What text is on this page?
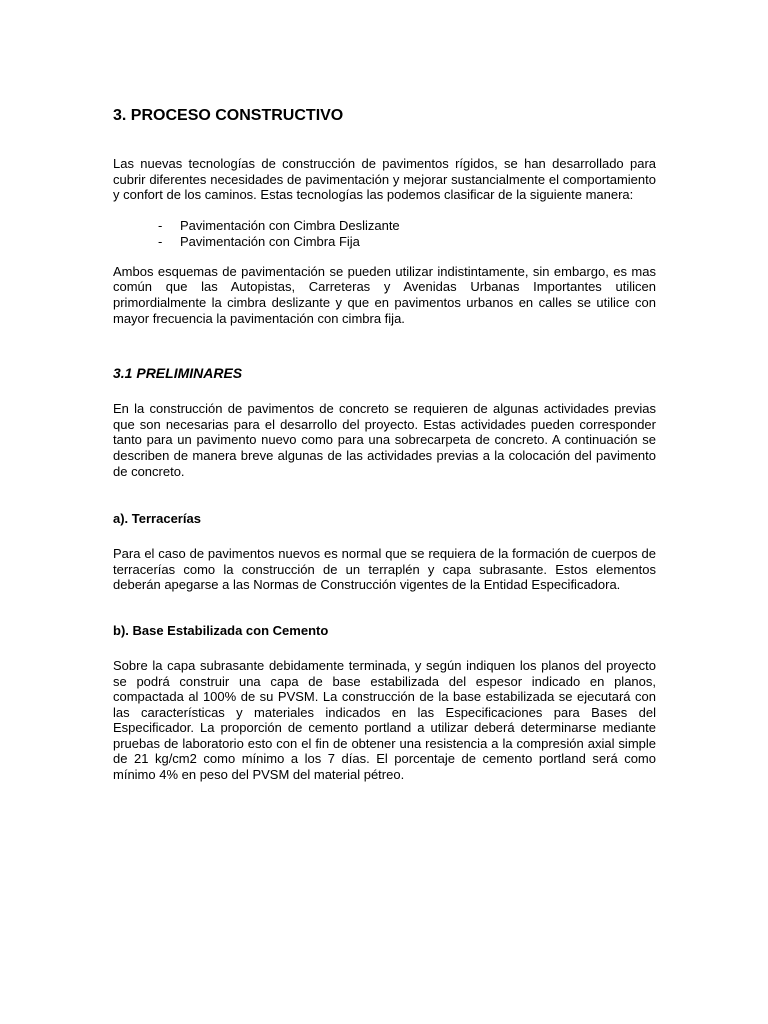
3. PROCESO CONSTRUCTIVO

Las nuevas tecnologías de construcción de pavimentos rígidos, se han desarrollado para cubrir diferentes necesidades de pavimentación y mejorar sustancialmente el comportamiento y confort de los caminos. Estas tecnologías las podemos clasificar de la siguiente manera:

-	Pavimentación con Cimbra Deslizante
-	Pavimentación con Cimbra Fija

Ambos esquemas de pavimentación se pueden utilizar indistintamente, sin embargo, es mas común que las Autopistas, Carreteras y Avenidas Urbanas Importantes utilicen primordialmente la cimbra deslizante y que en pavimentos urbanos en calles se utilice con mayor frecuencia la pavimentación con cimbra fija.

3.1 PRELIMINARES

En la construcción de pavimentos de concreto se requieren de algunas actividades previas que son necesarias para el desarrollo del proyecto. Estas actividades pueden corresponder tanto para un pavimento nuevo como para una sobrecarpeta de concreto. A continuación se describen de manera breve algunas de las actividades previas a la colocación del pavimento de concreto.

a). Terracerías

Para el caso de pavimentos nuevos es normal que se requiera de la formación de cuerpos de terracerías como la construcción de un terraplén y capa subrasante. Estos elementos deberán apegarse a las Normas de Construcción vigentes de la Entidad Especificadora.

b). Base Estabilizada con Cemento

Sobre la capa subrasante debidamente terminada, y según indiquen los planos del proyecto se podrá construir una capa de base estabilizada del espesor indicado en planos, compactada al 100% de su PVSM. La construcción de la base estabilizada se ejecutará con las características y materiales indicados en las Especificaciones para Bases del Especificador. La proporción de cemento portland a utilizar deberá determinarse mediante pruebas de laboratorio esto con el fin de obtener una resistencia a la compresión axial simple de 21 kg/cm2 como mínimo a los 7 días. El porcentaje de cemento portland será como mínimo 4% en peso del PVSM del material pétreo.
